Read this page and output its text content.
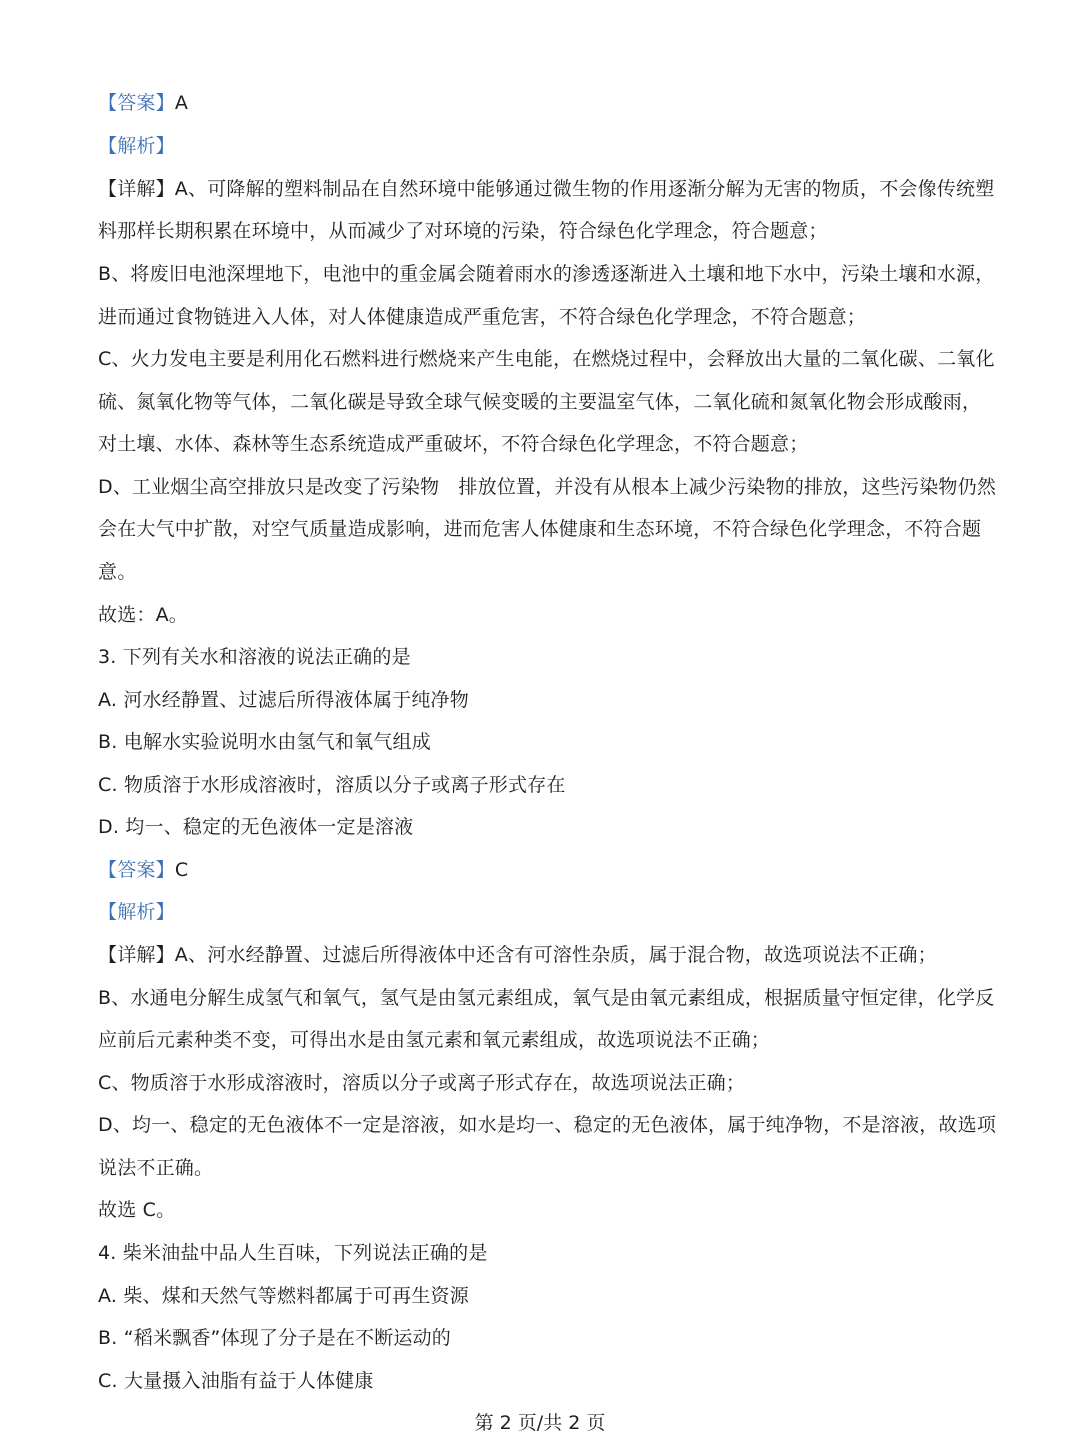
【答案】A
【解析】
【详解】A、可降解的塑料制品在自然环境中能够通过微生物的作用逐渐分解为无害的物质，不会像传统塑
料那样长期积累在环境中，从而减少了对环境的污染，符合绿色化学理念，符合题意；
B、将废旧电池深埋地下，电池中的重金属会随着雨水的渗透逐渐进入土壤和地下水中，污染土壤和水源，
进而通过食物链进入人体，对人体健康造成严重危害，不符合绿色化学理念，不符合题意；
C、火力发电主要是利用化石燃料进行燃烧来产生电能，在燃烧过程中，会释放出大量的二氧化碳、二氧化
硫、氮氧化物等气体，二氧化碳是导致全球气候变暖的主要温室气体，二氧化硫和氮氧化物会形成酸雨，
对土壤、水体、森林等生态系统造成严重破坏，不符合绿色化学理念，不符合题意；
D、工业烟尘高空排放只是改变了污染物　排放位置，并没有从根本上减少污染物的排放，这些污染物仍然
会在大气中扩散，对空气质量造成影响，进而危害人体健康和生态环境，不符合绿色化学理念，不符合题
意。
故选：A。
3. 下列有关水和溶液的说法正确的是
A. 河水经静置、过滤后所得液体属于纯净物
B. 电解水实验说明水由氢气和氧气组成
C. 物质溶于水形成溶液时，溶质以分子或离子形式存在
D. 均一、稳定的无色液体一定是溶液
【答案】C
【解析】
【详解】A、河水经静置、过滤后所得液体中还含有可溶性杂质，属于混合物，故选项说法不正确；
B、水通电分解生成氢气和氧气，氢气是由氢元素组成，氧气是由氧元素组成，根据质量守恒定律，化学反
应前后元素种类不变，可得出水是由氢元素和氧元素组成，故选项说法不正确；
C、物质溶于水形成溶液时，溶质以分子或离子形式存在，故选项说法正确；
D、均一、稳定的无色液体不一定是溶液，如水是均一、稳定的无色液体，属于纯净物，不是溶液，故选项
说法不正确。
故选 C。
4. 柴米油盐中品人生百味，下列说法正确的是
A. 柴、煤和天然气等燃料都属于可再生资源
B. “稻米飘香”体现了分子是在不断运动的
C. 大量摄入油脂有益于人体健康
第 2 页/共 2 页
